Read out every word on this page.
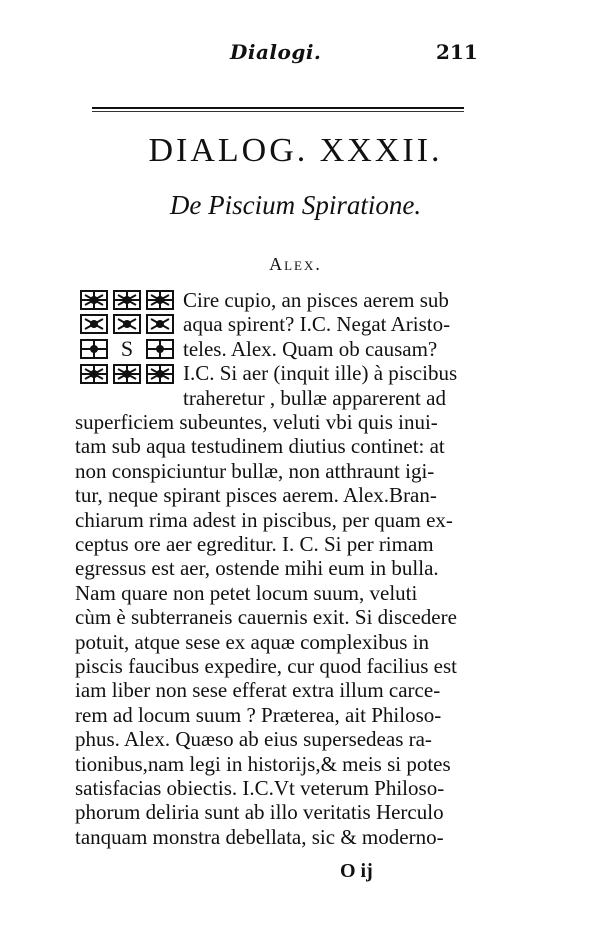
Dialogi.	211
DIALOG. XXXII.
De Piscium Spiratione.
Alex.
S
Cire cupio, an pisces aerem sub
aqua spirent? I.C. Negat Aristo-
teles. Alex. Quam ob causam?
I.C. Si aer (inquit ille) à piscibus
traheretur , bullæ apparerent ad
superficiem subeuntes, veluti vbi quis inui-
tam sub aqua testudinem diutius continet: at
non conspiciuntur bullæ, non atthraunt igi-
tur, neque spirant pisces aerem. Alex.Bran-
chiarum rima adest in piscibus, per quam ex-
ceptus ore aer egreditur. I. C. Si per rimam
egressus est aer, ostende mihi eum in bulla.
Nam quare non petet locum suum, veluti
cùm è subterraneis cauernis exit. Si discedere
potuit, atque sese ex aquæ complexibus in
piscis faucibus expedire, cur quod facilius est
iam liber non sese efferat extra illum carce-
rem ad locum suum ? Præterea, ait Philoso-
phus. Alex. Quæso ab eius supersedeas ra-
tionibus,nam legi in historijs,& meis si potes
satisfacias obiectis. I.C.Vt veterum Philoso-
phorum deliria sunt ab illo veritatis Herculo
tanquam monstra debellata, sic & moderno-
O ij
